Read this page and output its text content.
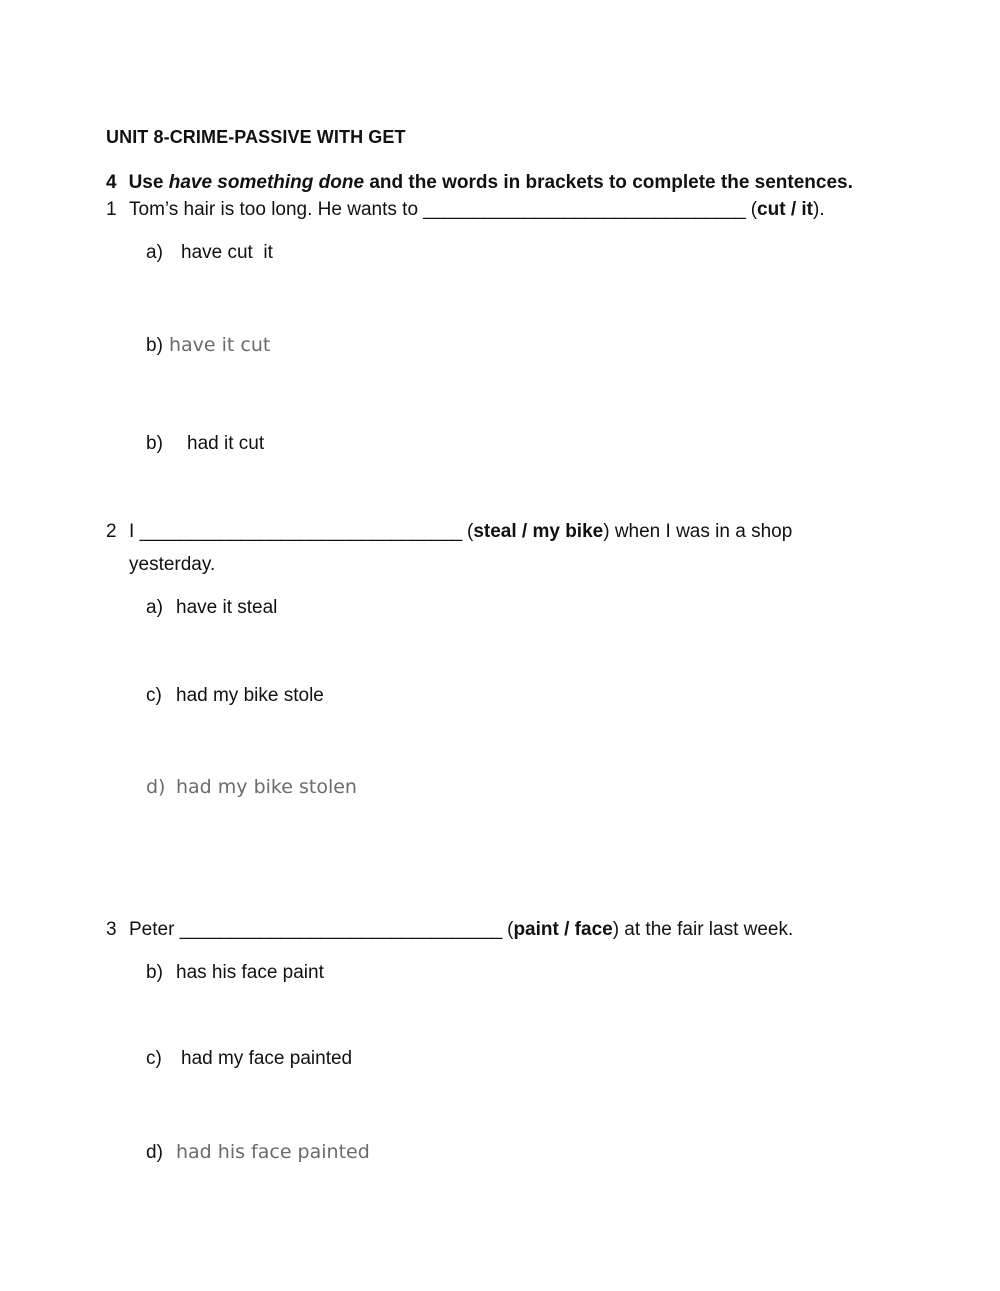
UNIT 8-CRIME-PASSIVE WITH GET
4 Use have something done and the words in brackets to complete the sentences.
1 Tom’s hair is too long. He wants to ________________________________ (cut / it).
a) have cut  it
b) have it cut
b) had it cut
2 I ________________________________ (steal / my bike) when I was in a shop
yesterday.
a) have it steal
c) had my bike stole
d) had my bike stolen
3 Peter ________________________________ (paint / face) at the fair last week.
b) has his face paint
c) had my face painted
d) had his face painted
